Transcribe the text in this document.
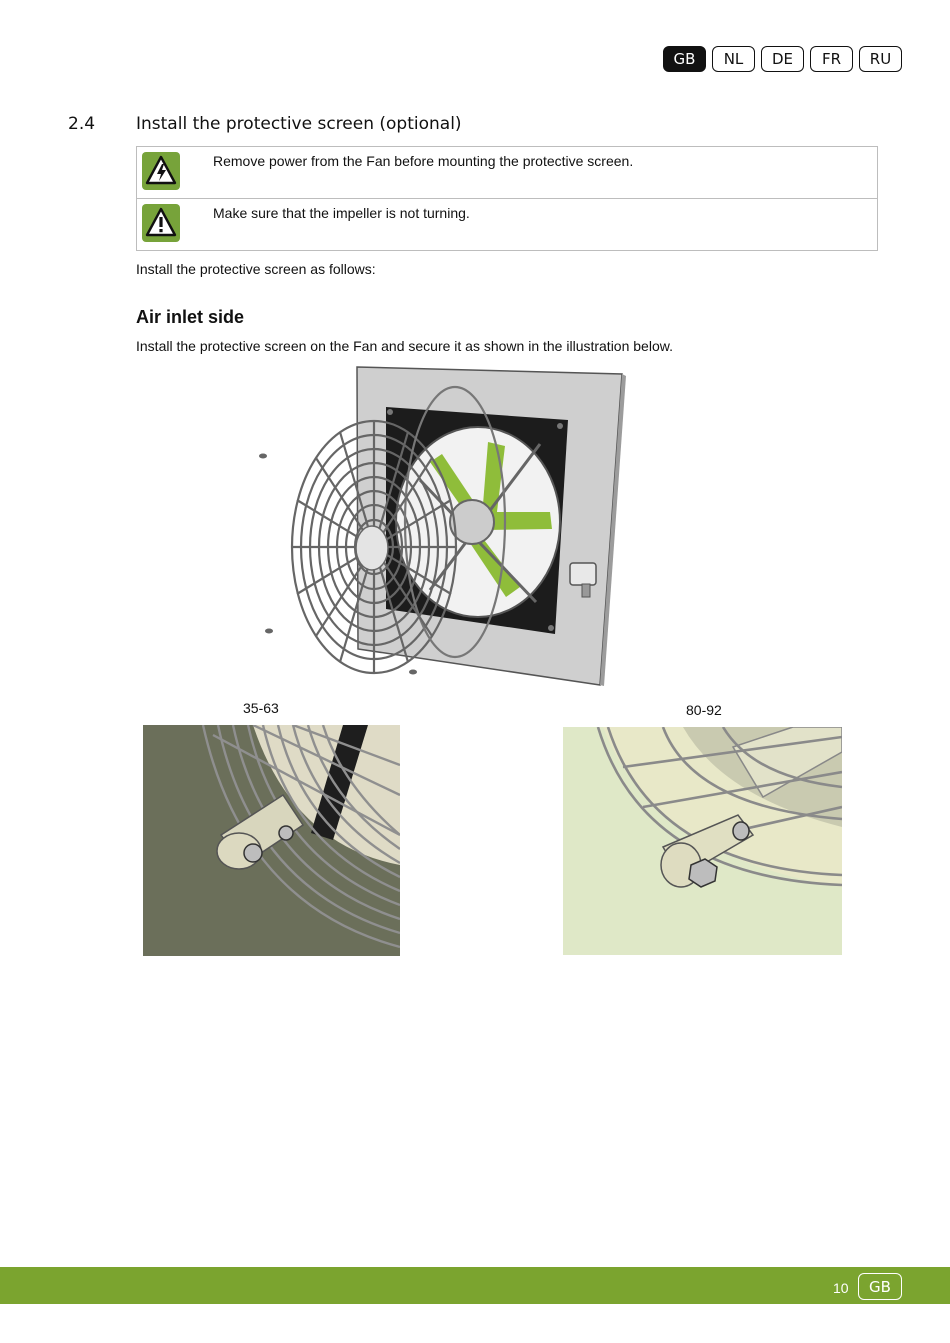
GB	NL	DE	FR	RU
2.4 Install the protective screen (optional)
Remove power from the Fan before mounting the protective screen.
Make sure that the impeller is not turning.
Install the protective screen as follows:
Air inlet side
Install the protective screen on the Fan and secure it as shown in the illustration below.
35-63	80-92
10	GB
